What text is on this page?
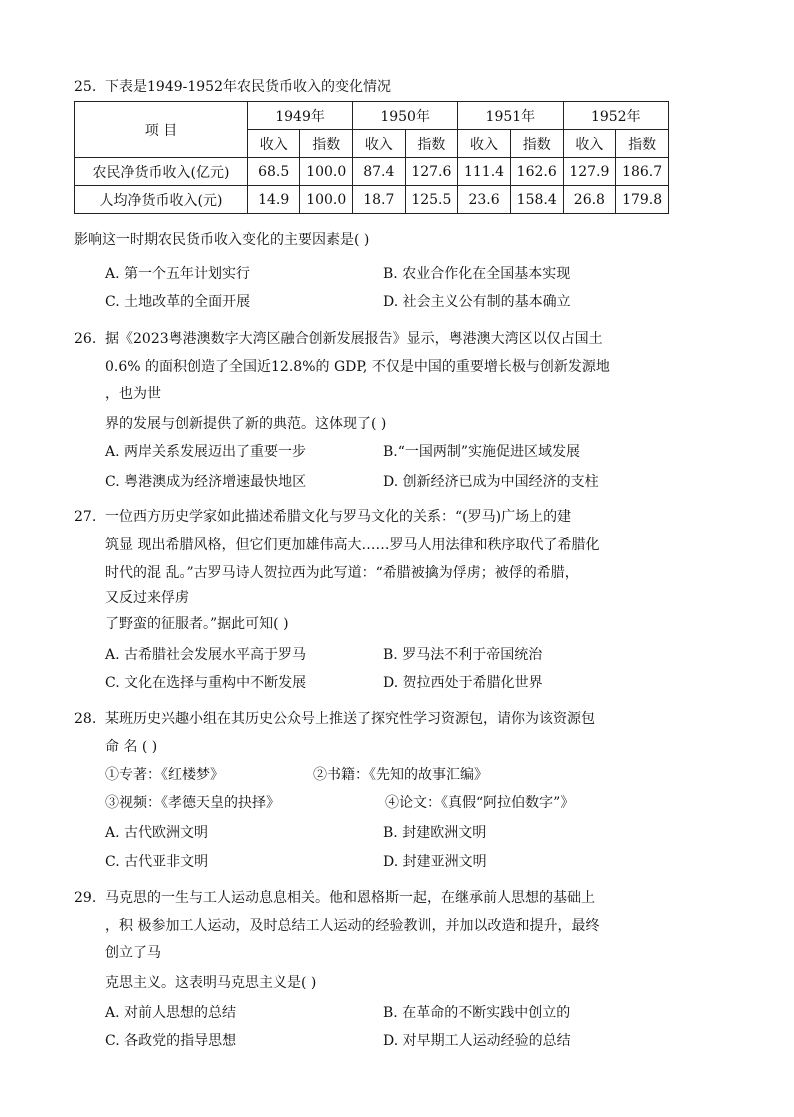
25. 下表是1949-1952年农民货币收入的变化情况
项 目	1949年		1950年		1951年		1952年	
	收入	指数	收入	指数	收入	指数	收入	指数
农民净货币收入(亿元)	68.5	100.0	87.4	127.6	111.4	162.6	127.9	186.7
人均净货币收入(元)	14.9	100.0	18.7	125.5	23.6	158.4	26.8	179.8
影响这一时期农民货币收入变化的主要因素是( )
A. 第一个五年计划实行	B. 农业合作化在全国基本实现
C. 土地改革的全面开展	D. 社会主义公有制的基本确立
26. 据《2023粤港澳数字大湾区融合创新发展报告》显示，粤港澳大湾区以仅占国土
0.6% 的面积创造了全国近12.8%的 GDP, 不仅是中国的重要增长极与创新发源地
，也为世
界的发展与创新提供了新的典范。这体现了( )
A. 两岸关系发展迈出了重要一步	B.“一国两制”实施促进区域发展
C. 粤港澳成为经济增速最快地区	D. 创新经济已成为中国经济的支柱
27. 一位西方历史学家如此描述希腊文化与罗马文化的关系：“(罗马)广场上的建
筑显 现出希腊风格，但它们更加雄伟高大……罗马人用法律和秩序取代了希腊化
时代的混 乱。”古罗马诗人贺拉西为此写道：“希腊被擒为俘虏；被俘的希腊，
又反过来俘虏
了野蛮的征服者。”据此可知( )
A. 古希腊社会发展水平高于罗马	B. 罗马法不利于帝国统治
C. 文化在选择与重构中不断发展	D. 贺拉西处于希腊化世界
28. 某班历史兴趣小组在其历史公众号上推送了探究性学习资源包，请你为该资源包
命 名 ( )
①专著：《红楼梦》	②书籍：《先知的故事汇编》
③视频：《孝德天皇的抉择》	④论文：《真假“阿拉伯数字”》
A. 古代欧洲文明	B. 封建欧洲文明
C. 古代亚非文明	D. 封建亚洲文明
29. 马克思的一生与工人运动息息相关。他和恩格斯一起，在继承前人思想的基础上
，积 极参加工人运动，及时总结工人运动的经验教训，并加以改造和提升，最终
创立了马
克思主义。这表明马克思主义是( )
A. 对前人思想的总结	B. 在革命的不断实践中创立的
C. 各政党的指导思想	D. 对早期工人运动经验的总结
